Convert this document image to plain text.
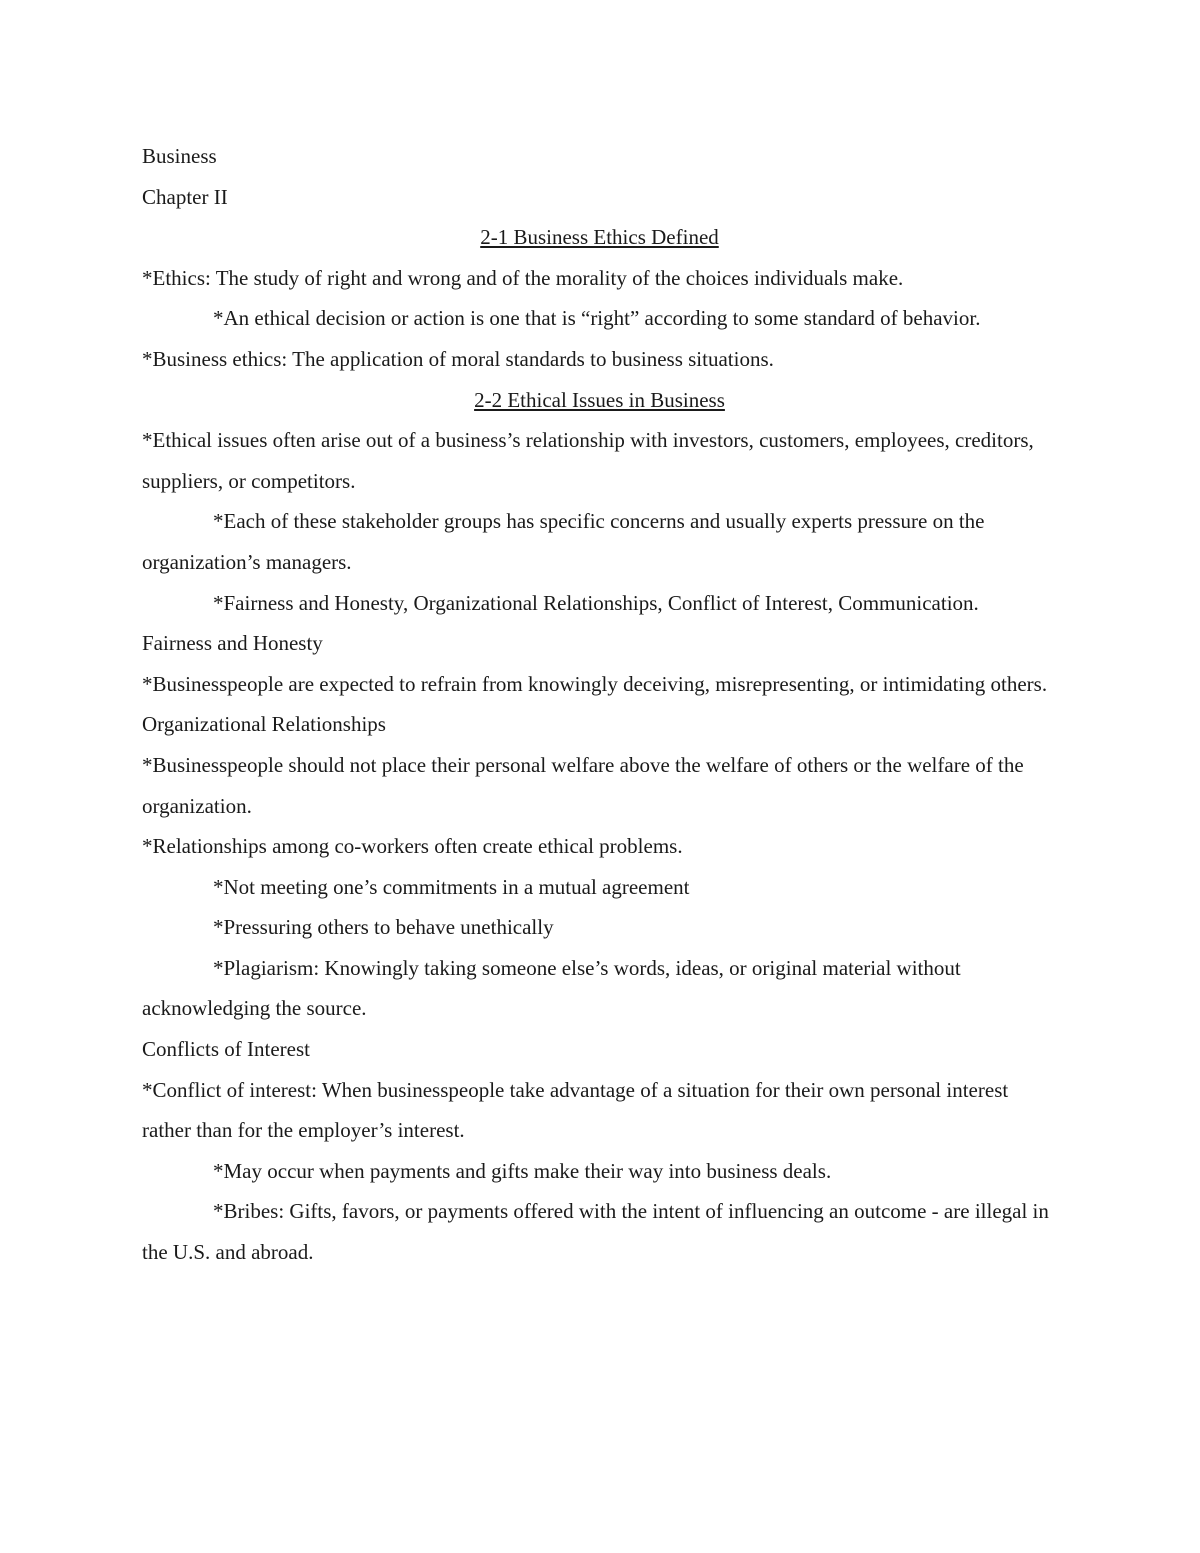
Business

Chapter II

2-1 Business Ethics Defined

*Ethics: The study of right and wrong and of the morality of the choices individuals make.

*An ethical decision or action is one that is “right” according to some standard of behavior.

*Business ethics: The application of moral standards to business situations.

2-2 Ethical Issues in Business

*Ethical issues often arise out of a business’s relationship with investors, customers, employees, creditors, suppliers, or competitors.

*Each of these stakeholder groups has specific concerns and usually experts pressure on the organization’s managers.

*Fairness and Honesty, Organizational Relationships, Conflict of Interest, Communication.

Fairness and Honesty

*Businesspeople are expected to refrain from knowingly deceiving, misrepresenting, or intimidating others.

Organizational Relationships

*Businesspeople should not place their personal welfare above the welfare of others or the welfare of the organization.

*Relationships among co-workers often create ethical problems.

*Not meeting one’s commitments in a mutual agreement

*Pressuring others to behave unethically

*Plagiarism: Knowingly taking someone else’s words, ideas, or original material without acknowledging the source.

Conflicts of Interest

*Conflict of interest: When businesspeople take advantage of a situation for their own personal interest rather than for the employer’s interest.

*May occur when payments and gifts make their way into business deals.

*Bribes: Gifts, favors, or payments offered with the intent of influencing an outcome - are illegal in the U.S. and abroad.
